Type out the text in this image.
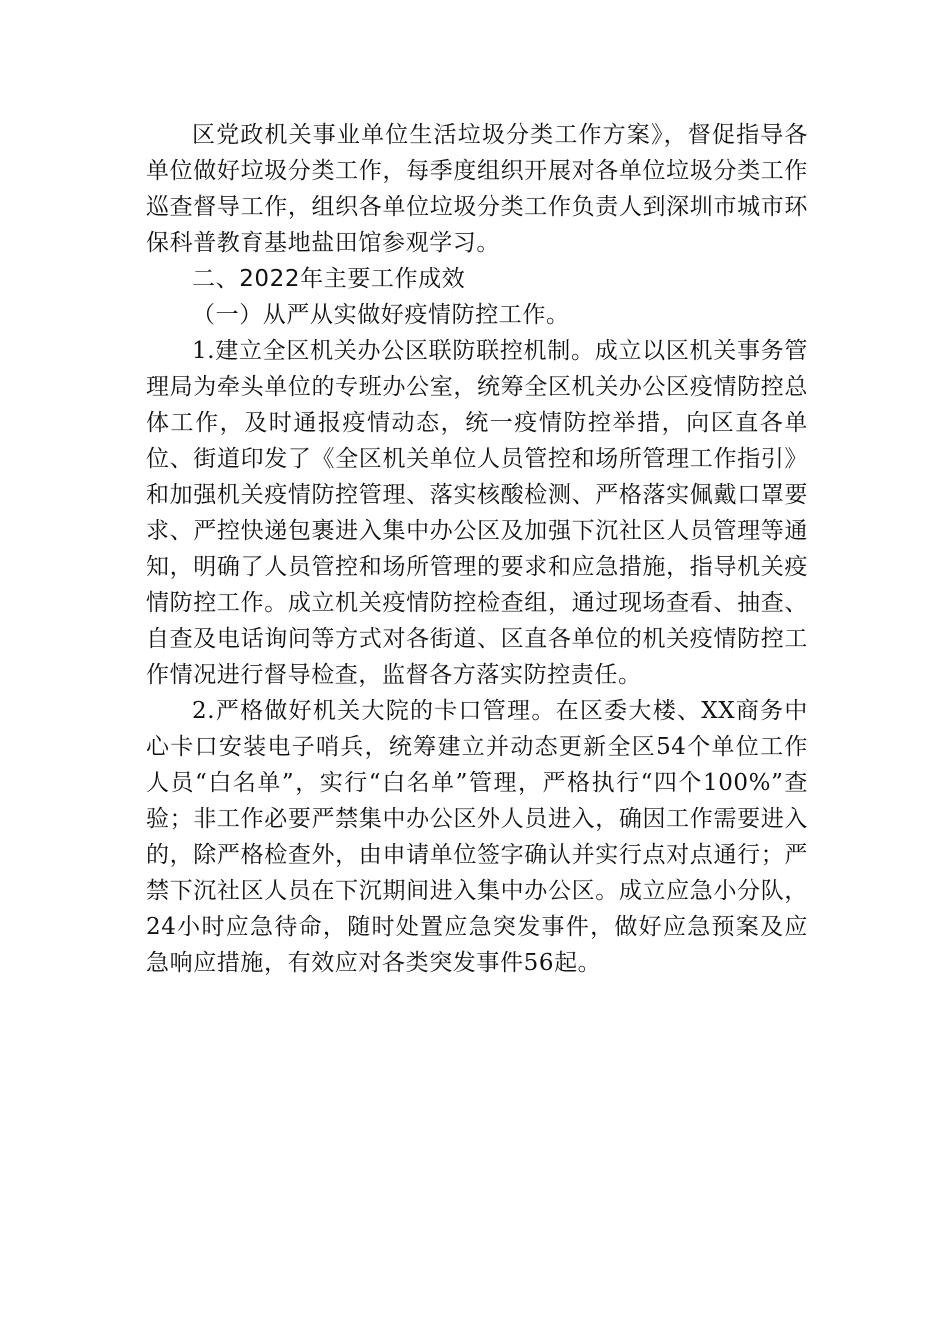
区党政机关事业单位生活垃圾分类工作方案》，督促指导各单位做好垃圾分类工作，每季度组织开展对各单位垃圾分类工作巡查督导工作，组织各单位垃圾分类工作负责人到深圳市城市环保科普教育基地盐田馆参观学习。

二、2022年主要工作成效

（一）从严从实做好疫情防控工作。

1.建立全区机关办公区联防联控机制。成立以区机关事务管理局为牵头单位的专班办公室，统筹全区机关办公区疫情防控总体工作，及时通报疫情动态，统一疫情防控举措，向区直各单位、街道印发了《全区机关单位人员管控和场所管理工作指引》和加强机关疫情防控管理、落实核酸检测、严格落实佩戴口罩要求、严控快递包裹进入集中办公区及加强下沉社区人员管理等通知，明确了人员管控和场所管理的要求和应急措施，指导机关疫情防控工作。成立机关疫情防控检查组，通过现场查看、抽查、自查及电话询问等方式对各街道、区直各单位的机关疫情防控工作情况进行督导检查，监督各方落实防控责任。

2.严格做好机关大院的卡口管理。在区委大楼、XX商务中心卡口安装电子哨兵，统筹建立并动态更新全区54个单位工作人员“白名单”，实行“白名单”管理，严格执行“四个100%”查验；非工作必要严禁集中办公区外人员进入，确因工作需要进入的，除严格检查外，由申请单位签字确认并实行点对点通行；严禁下沉社区人员在下沉期间进入集中办公区。成立应急小分队，24小时应急待命，随时处置应急突发事件，做好应急预案及应急响应措施，有效应对各类突发事件56起。
